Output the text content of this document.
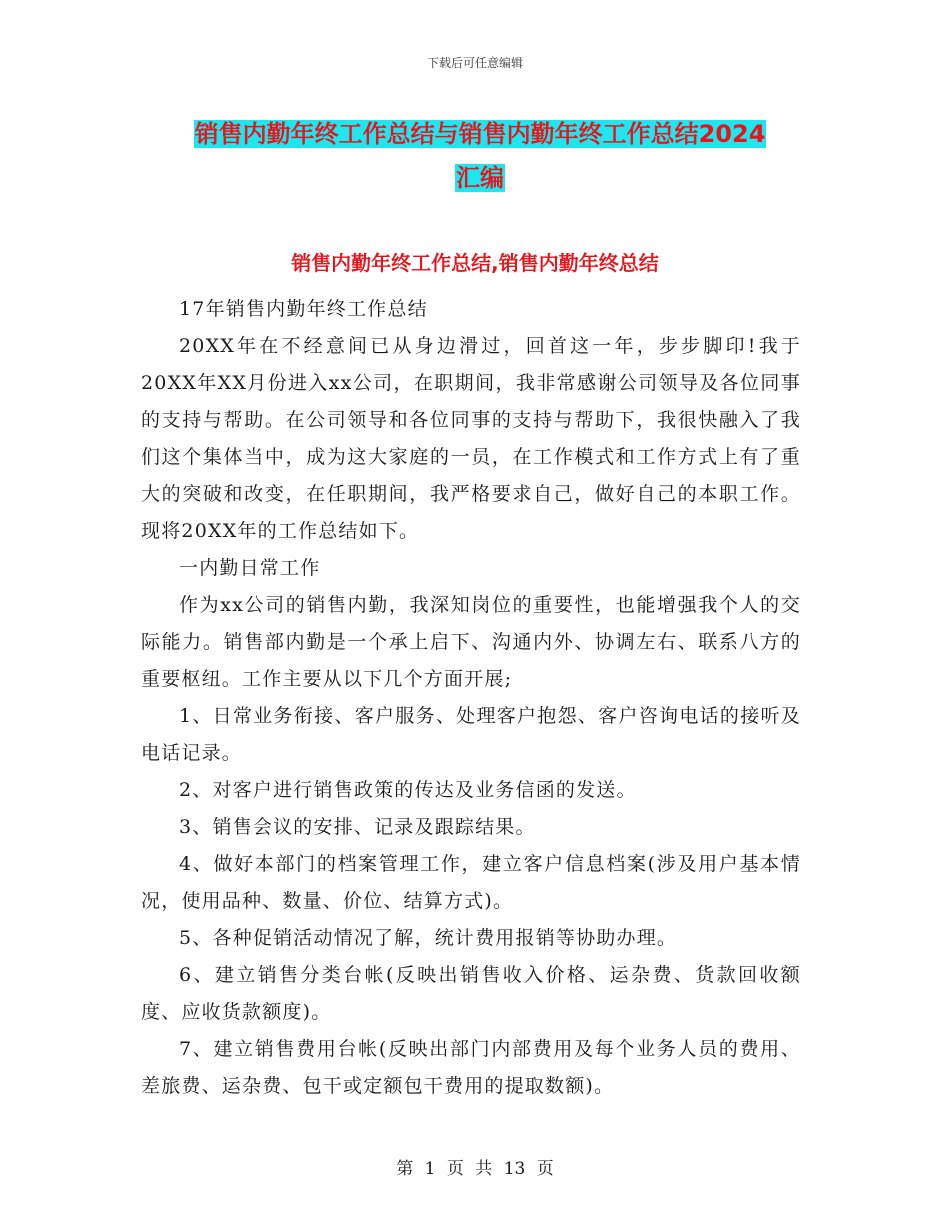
下载后可任意编辑
销售内勤年终工作总结与销售内勤年终工作总结2024
汇编
销售内勤年终工作总结,销售内勤年终总结

17年销售内勤年终工作总结

20XX年在不经意间已从身边滑过，回首这一年，步步脚印!我于20XX年XX月份进入xx公司，在职期间，我非常感谢公司领导及各位同事的支持与帮助。在公司领导和各位同事的支持与帮助下，我很快融入了我们这个集体当中，成为这大家庭的一员，在工作模式和工作方式上有了重大的突破和改变，在任职期间，我严格要求自己，做好自己的本职工作。现将20XX年的工作总结如下。

一内勤日常工作

作为xx公司的销售内勤，我深知岗位的重要性，也能增强我个人的交际能力。销售部内勤是一个承上启下、沟通内外、协调左右、联系八方的重要枢纽。工作主要从以下几个方面开展;

1、日常业务衔接、客户服务、处理客户抱怨、客户咨询电话的接听及电话记录。

2、对客户进行销售政策的传达及业务信函的发送。

3、销售会议的安排、记录及跟踪结果。

4、做好本部门的档案管理工作，建立客户信息档案(涉及用户基本情况，使用品种、数量、价位、结算方式)。

5、各种促销活动情况了解，统计费用报销等协助办理。

6、建立销售分类台帐(反映出销售收入价格、运杂费、货款回收额度、应收货款额度)。

7、建立销售费用台帐(反映出部门内部费用及每个业务人员的费用、差旅费、运杂费、包干或定额包干费用的提取数额)。

第 1 页 共 13 页
